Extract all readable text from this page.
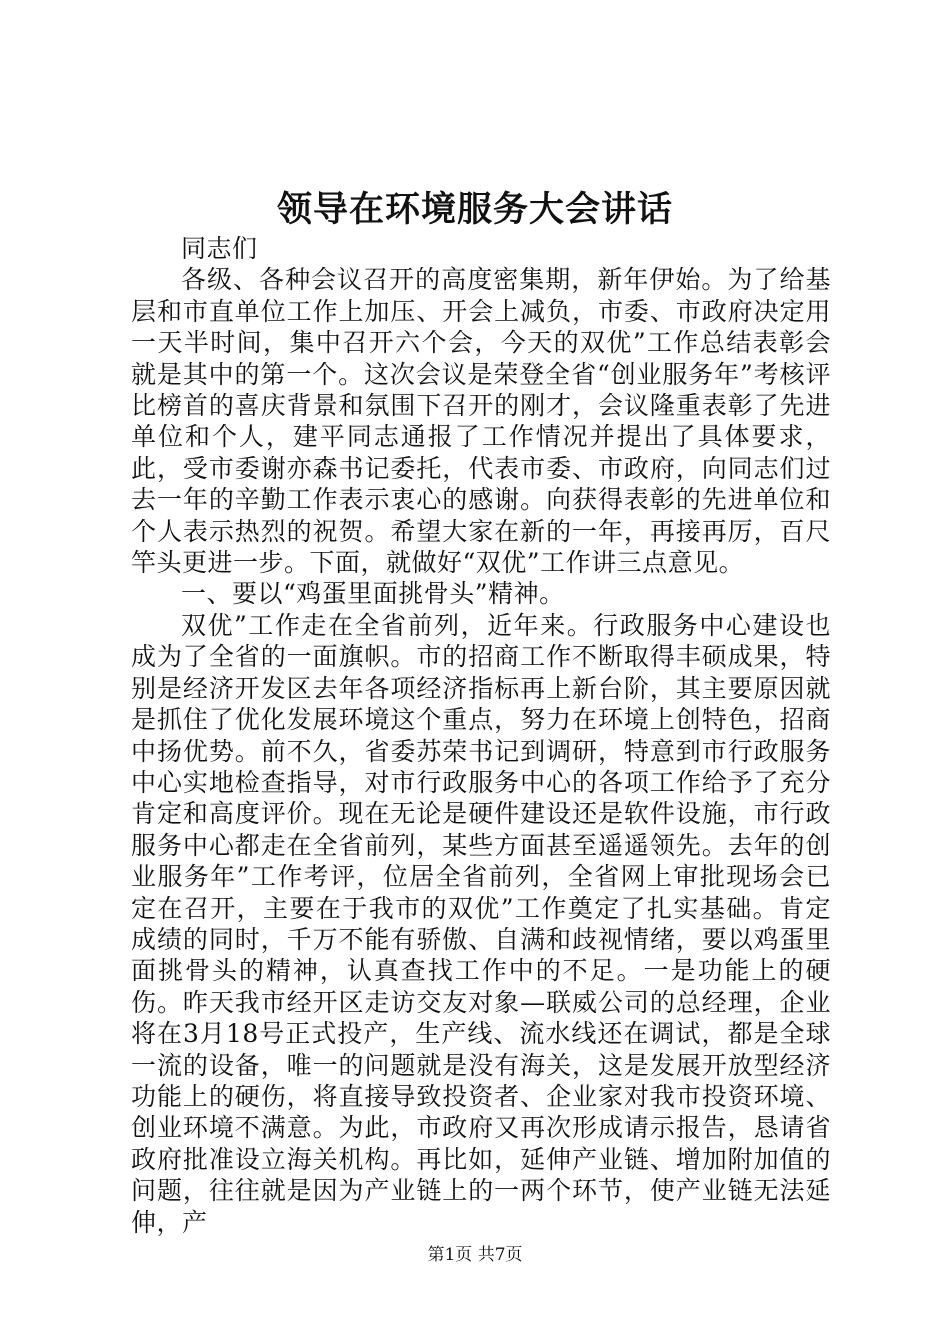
领导在环境服务大会讲话

同志们

各级、各种会议召开的高度密集期，新年伊始。为了给基层和市直单位工作上加压、开会上减负，市委、市政府决定用一天半时间，集中召开六个会，今天的双优”工作总结表彰会就是其中的第一个。这次会议是荣登全省“创业服务年”考核评比榜首的喜庆背景和氛围下召开的刚才，会议隆重表彰了先进单位和个人，建平同志通报了工作情况并提出了具体要求，此，受市委谢亦森书记委托，代表市委、市政府，向同志们过去一年的辛勤工作表示衷心的感谢。向获得表彰的先进单位和个人表示热烈的祝贺。希望大家在新的一年，再接再厉，百尺竿头更进一步。下面，就做好“双优”工作讲三点意见。

一、要以“鸡蛋里面挑骨头”精神。

双优”工作走在全省前列，近年来。行政服务中心建设也成为了全省的一面旗帜。市的招商工作不断取得丰硕成果，特别是经济开发区去年各项经济指标再上新台阶，其主要原因就是抓住了优化发展环境这个重点，努力在环境上创特色，招商中扬优势。前不久，省委苏荣书记到调研，特意到市行政服务中心实地检查指导，对市行政服务中心的各项工作给予了充分肯定和高度评价。现在无论是硬件建设还是软件设施，市行政服务中心都走在全省前列，某些方面甚至遥遥领先。去年的创业服务年”工作考评，位居全省前列，全省网上审批现场会已定在召开，主要在于我市的双优”工作奠定了扎实基础。肯定成绩的同时，千万不能有骄傲、自满和歧视情绪，要以鸡蛋里面挑骨头的精神，认真查找工作中的不足。一是功能上的硬伤。昨天我市经开区走访交友对象—联威公司的总经理，企业将在3月18号正式投产，生产线、流水线还在调试，都是全球一流的设备，唯一的问题就是没有海关，这是发展开放型经济功能上的硬伤，将直接导致投资者、企业家对我市投资环境、创业环境不满意。为此，市政府又再次形成请示报告，恳请省政府批准设立海关机构。再比如，延伸产业链、增加附加值的问题，往往就是因为产业链上的一两个环节，使产业链无法延伸，产

第1页 共7页
